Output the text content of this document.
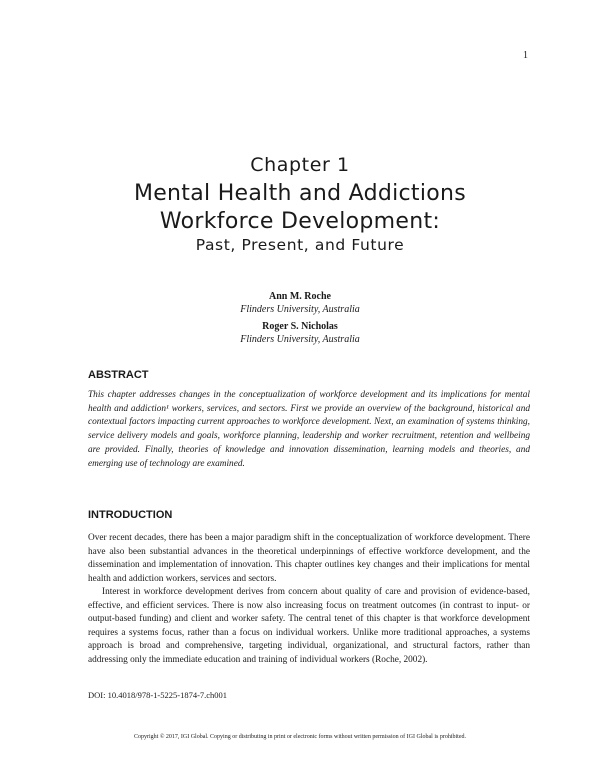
1
Chapter 1
Mental Health and Addictions
Workforce Development:
Past, Present, and Future
Ann M. Roche
Flinders University, Australia
Roger S. Nicholas
Flinders University, Australia
ABSTRACT
This chapter addresses changes in the conceptualization of workforce development and its implications for mental health and addiction¹ workers, services, and sectors. First we provide an overview of the background, historical and contextual factors impacting current approaches to workforce development. Next, an examination of systems thinking, service delivery models and goals, workforce planning, leadership and worker recruitment, retention and wellbeing are provided. Finally, theories of knowledge and innovation dissemination, learning models and theories, and emerging use of technology are examined.
INTRODUCTION

Over recent decades, there has been a major paradigm shift in the conceptualization of workforce development. There have also been substantial advances in the theoretical underpinnings of effective workforce development, and the dissemination and implementation of innovation. This chapter outlines key changes and their implications for mental health and addiction workers, services and sectors.

Interest in workforce development derives from concern about quality of care and provision of evidence-based, effective, and efficient services. There is now also increasing focus on treatment outcomes (in contrast to input- or output-based funding) and client and worker safety. The central tenet of this chapter is that workforce development requires a systems focus, rather than a focus on individual workers. Unlike more traditional approaches, a systems approach is broad and comprehensive, targeting individual, organizational, and structural factors, rather than addressing only the immediate education and training of individual workers (Roche, 2002).

DOI: 10.4018/978-1-5225-1874-7.ch001
Copyright © 2017, IGI Global. Copying or distributing in print or electronic forms without written permission of IGI Global is prohibited.
